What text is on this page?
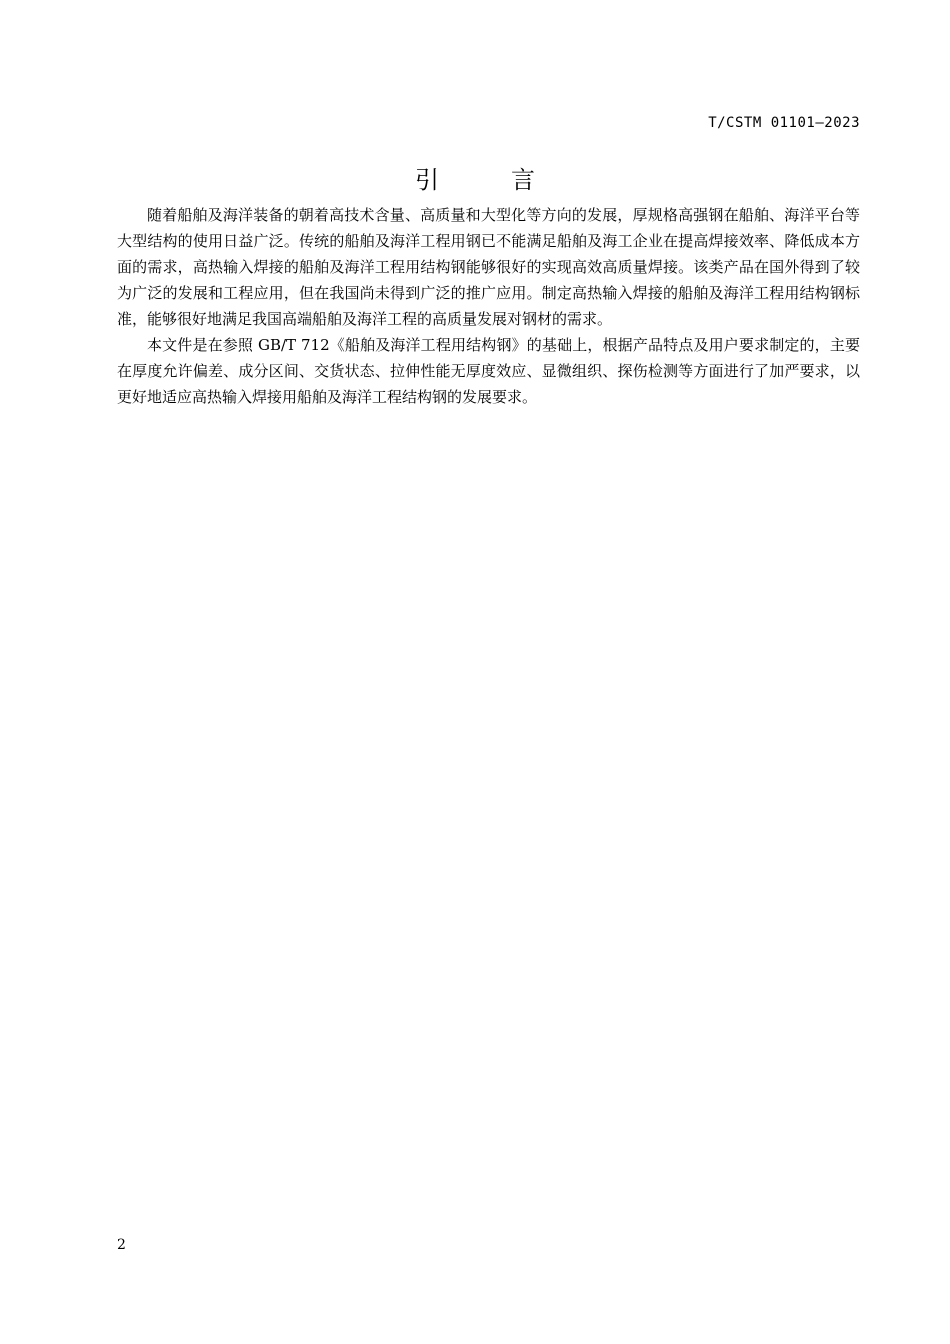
T/CSTM 01101—2023
引	言

随着船舶及海洋装备的朝着高技术含量、高质量和大型化等方向的发展，厚规格高强钢在船舶、海洋平台等大型结构的使用日益广泛。传统的船舶及海洋工程用钢已不能满足船舶及海工企业在提高焊接效率、降低成本方面的需求，高热输入焊接的船舶及海洋工程用结构钢能够很好的实现高效高质量焊接。该类产品在国外得到了较为广泛的发展和工程应用，但在我国尚未得到广泛的推广应用。制定高热输入焊接的船舶及海洋工程用结构钢标准，能够很好地满足我国高端船舶及海洋工程的高质量发展对钢材的需求。

本文件是在参照 GB/T 712《船舶及海洋工程用结构钢》的基础上，根据产品特点及用户要求制定的，主要在厚度允许偏差、成分区间、交货状态、拉伸性能无厚度效应、显微组织、探伤检测等方面进行了加严要求，以更好地适应高热输入焊接用船舶及海洋工程结构钢的发展要求。

2
